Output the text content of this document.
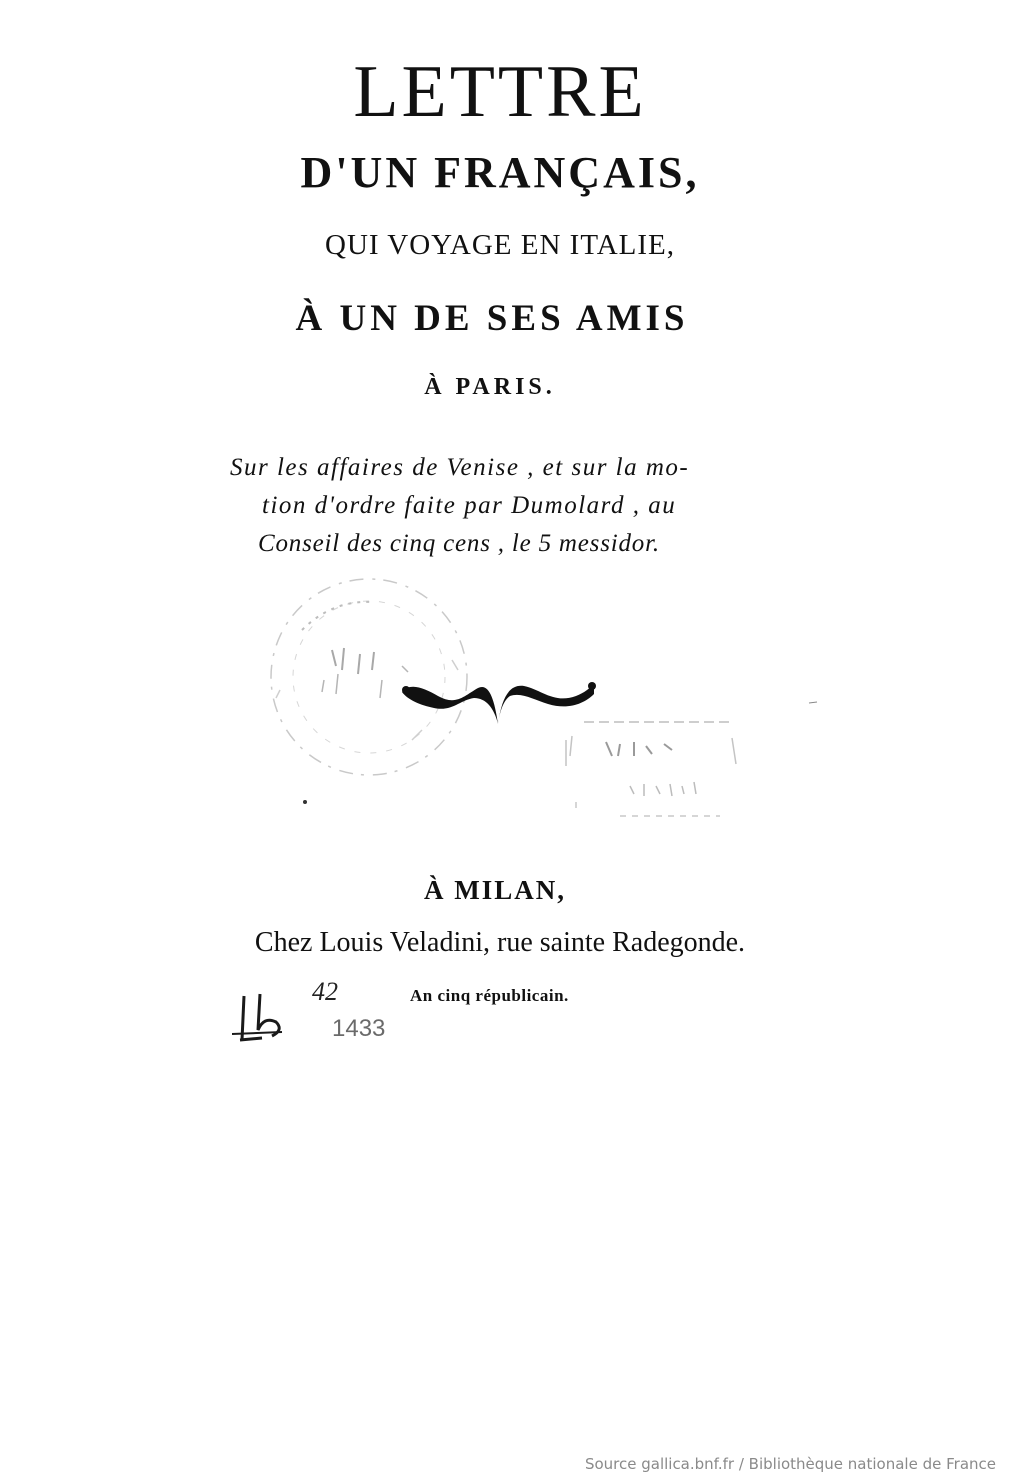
LETTRE

D'UN FRANÇAIS,

QUI VOYAGE EN ITALIE,

À UN DE SES AMIS

À PARIS.

Sur les affaires de Venise , et sur la mo-

tion d'ordre faite par Dumolard , au

Conseil des cinq cens , le 5 messidor.

À MILAN,

Chez Louis Veladini, rue sainte Radegonde.

An cinq républicain.

42
1433

Source gallica.bnf.fr / Bibliothèque nationale de France
